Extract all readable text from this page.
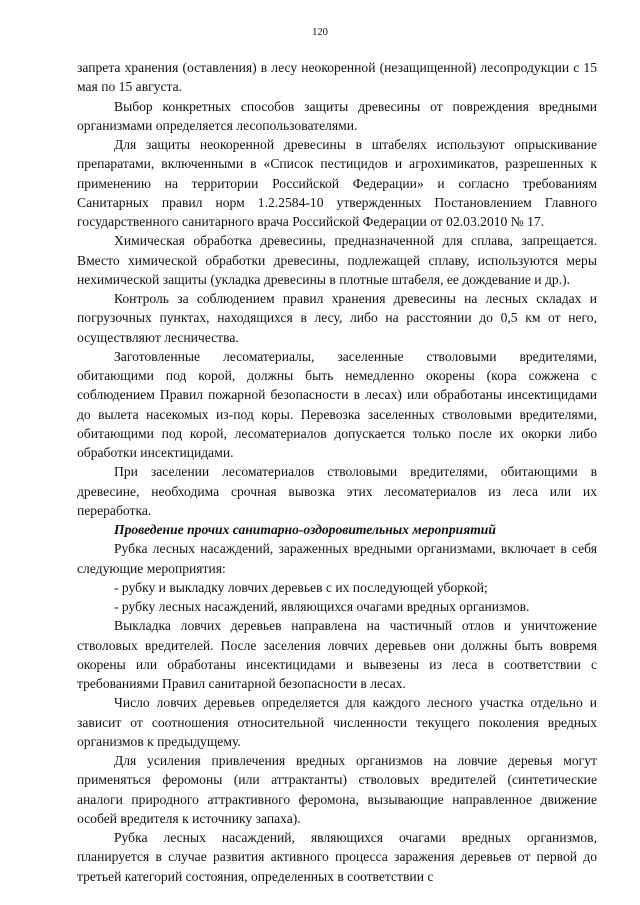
120

запрета хранения (оставления) в лесу неокоренной (незащищенной) лесопродукции с 15 мая по 15 августа.

Выбор конкретных способов защиты древесины от повреждения вредными организмами определяется лесопользователями.

Для защиты неокоренной древесины в штабелях используют опрыскивание препаратами, включенными в «Список пестицидов и агрохимикатов, разрешенных к применению на территории Российской Федерации» и согласно требованиям Санитарных правил норм 1.2.2584-10 утвержденных Постановлением Главного государственного санитарного врача Российской Федерации от 02.03.2010 № 17.

Химическая обработка древесины, предназначенной для сплава, запрещается. Вместо химической обработки древесины, подлежащей сплаву, используются меры нехимической защиты (укладка древесины в плотные штабеля, ее дождевание и др.).

Контроль за соблюдением правил хранения древесины на лесных складах и погрузочных пунктах, находящихся в лесу, либо на расстоянии до 0,5 км от него, осуществляют лесничества.

Заготовленные лесоматериалы, заселенные стволовыми вредителями, обитающими под корой, должны быть немедленно окорены (кора сожжена с соблюдением Правил пожарной безопасности в лесах) или обработаны инсектицидами до вылета насекомых из-под коры. Перевозка заселенных стволовыми вредителями, обитающими под корой, лесоматериалов допускается только после их окорки либо обработки инсектицидами.

При заселении лесоматериалов стволовыми вредителями, обитающими в древесине, необходима срочная вывозка этих лесоматериалов из леса или их переработка.

Проведение прочих санитарно-оздоровительных мероприятий

Рубка лесных насаждений, зараженных вредными организмами, включает в себя следующие мероприятия:

- рубку и выкладку ловчих деревьев с их последующей уборкой;

- рубку лесных насаждений, являющихся очагами вредных организмов.

Выкладка ловчих деревьев направлена на частичный отлов и уничтожение стволовых вредителей. После заселения ловчих деревьев они должны быть вовремя окорены или обработаны инсектицидами и вывезены из леса в соответствии с требованиями Правил санитарной безопасности в лесах.

Число ловчих деревьев определяется для каждого лесного участка отдельно и зависит от соотношения относительной численности текущего поколения вредных организмов к предыдущему.

Для усиления привлечения вредных организмов на ловчие деревья могут применяться феромоны (или аттрактанты) стволовых вредителей (синтетические аналоги природного аттрактивного феромона, вызывающие направленное движение особей вредителя к источнику запаха).

Рубка лесных насаждений, являющихся очагами вредных организмов, планируется в случае развития активного процесса заражения деревьев от первой до третьей категорий состояния, определенных в соответствии с
